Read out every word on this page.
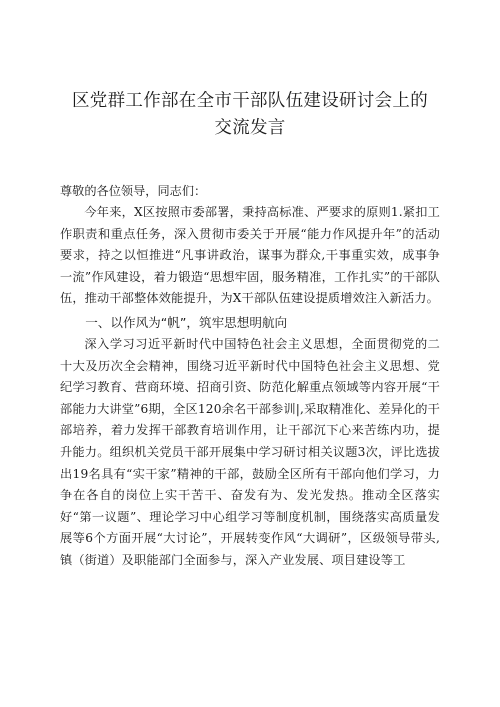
区党群工作部在全市干部队伍建设研讨会上的
交流发言
尊敬的各位领导，同志们：

今年来，X区按照市委部署，秉持高标准、严要求的原则1.紧扣工作职责和重点任务，深入贯彻市委关于开展“能力作风提升年”的活动要求，持之以恒推进“凡事讲政治，谋事为群众,干事重实效，成事争一流”作风建设，着力锻造“思想牢固，服务精准，工作扎实”的干部队伍，推动干部整体效能提升，为X干部队伍建设提质增效注入新活力。

一、以作风为“帆”，筑牢思想明航向

深入学习习近平新时代中国特色社会主义思想，全面贯彻党的二十大及历次全会精神，围绕习近平新时代中国特色社会主义思想、党纪学习教育、营商环境、招商引资、防范化解重点领域等内容开展“干部能力大讲堂”6期，全区120余名干部参训|,采取精准化、差异化的干部培养，着力发挥干部教育培训作用，让干部沉下心来苦练内功，提升能力。组织机关党员干部开展集中学习研讨相关议题3次，评比选拔出19名具有“实干家”精神的干部，鼓励全区所有干部向他们学习，力争在各自的岗位上实干苦干、奋发有为、发光发热。推动全区落实好“第一议题”、理论学习中心组学习等制度机制，围绕落实高质量发展等6个方面开展“大讨论”，开展转变作风“大调研”，区级领导带头,镇（街道）及职能部门全面参与，深入产业发展、项目建设等工
